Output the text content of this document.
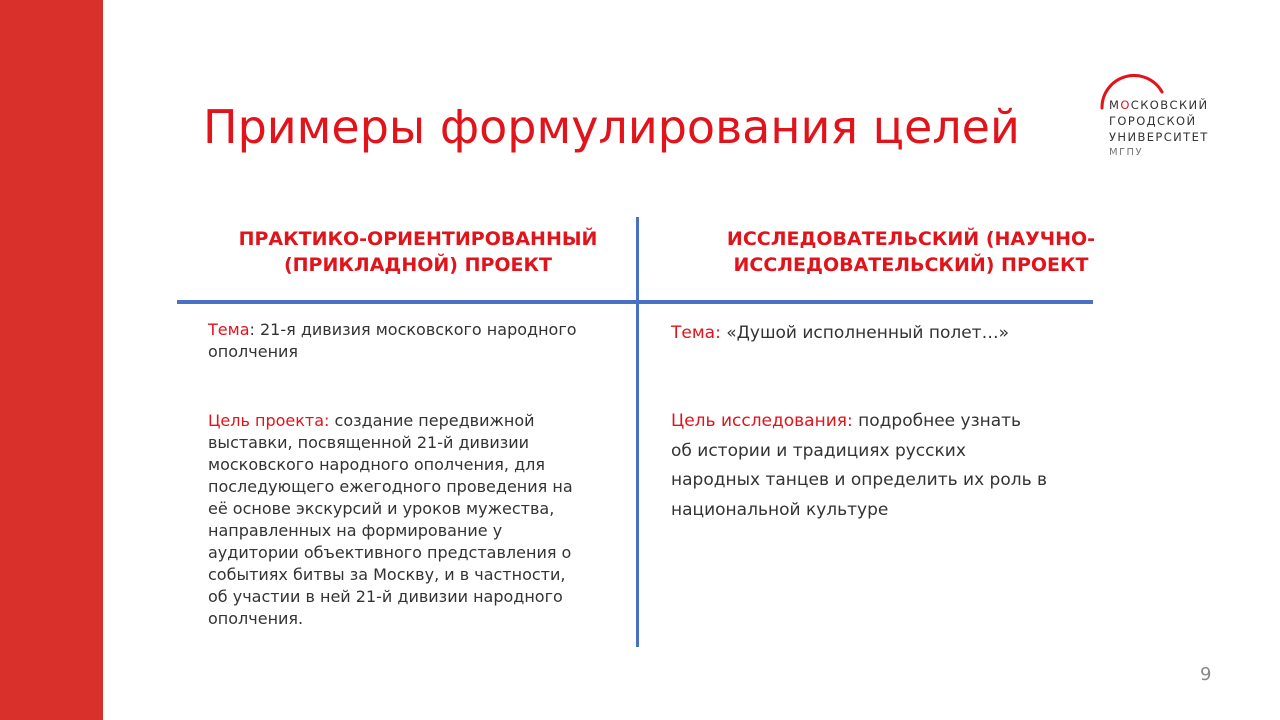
Примеры формулирования целей	МОСКОВСКИЙ
ГОРОДСКОЙ
УНИВЕРСИТЕТ
МГПУ
ПРАКТИКО-ОРИЕНТИРОВАННЫЙ
(ПРИКЛАДНОЙ) ПРОЕКТ
ИССЛЕДОВАТЕЛЬСКИЙ (НАУЧНО-
ИССЛЕДОВАТЕЛЬСКИЙ) ПРОЕКТ
Тема: 21-я дивизия московского народного
ополчения
Цель проекта: создание передвижной
выставки, посвященной 21-й дивизии
московского народного ополчения, для
последующего ежегодного проведения на
её основе экскурсий и уроков мужества,
направленных на формирование у
аудитории объективного представления о
событиях битвы за Москву, и в частности,
об участии в ней 21-й дивизии народного
ополчения.
Тема: «Душой исполненный полет…»
Цель исследования: подробнее узнать
об истории и традициях русских
народных танцев и определить их роль в
национальной культуре
9
